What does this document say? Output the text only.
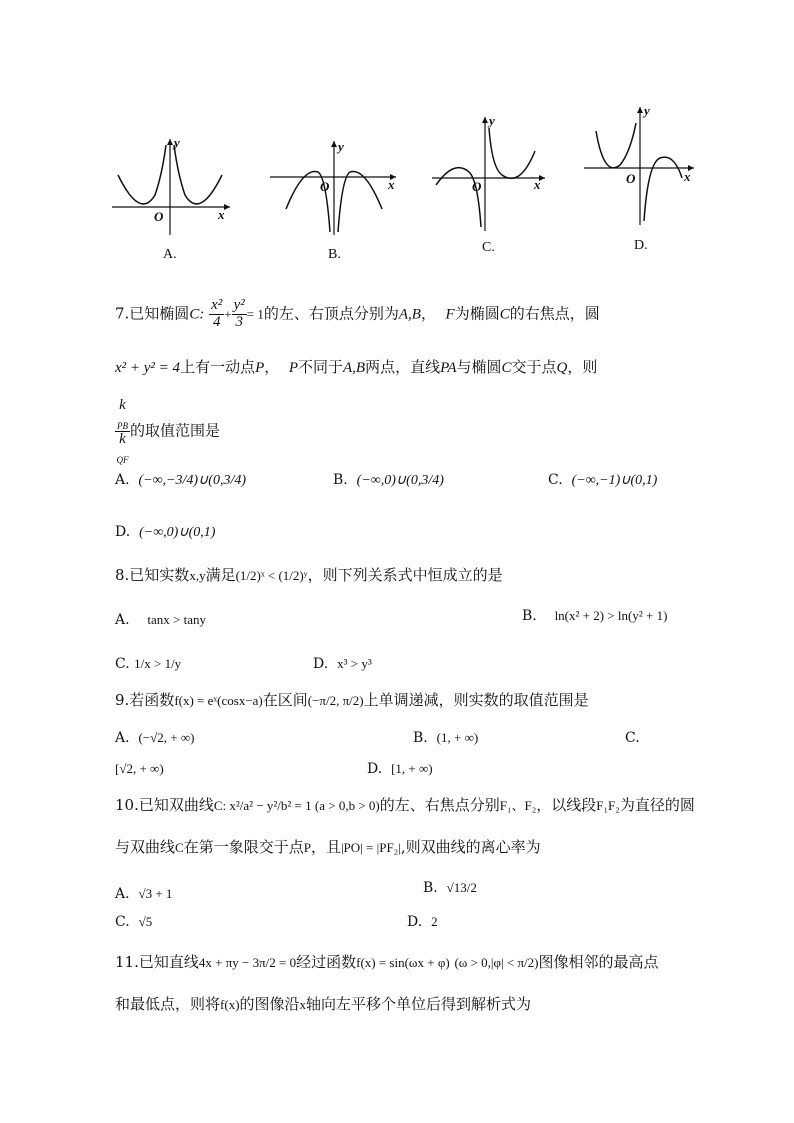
y
x
O
A.
y
x
O
B.
y
x
O
C.
y
x
O
D.
7.已知椭圆C: $\frac{\text{x²}}{4} + \frac{\text{y²}}{3} = 1$的左、右顶点分别为A,B， F为椭圆C的右焦点，圆
x² + y² = 4上有一动点P， P不同于A,B两点，直线PA与椭圆C交于点Q，则
k
$_{PB}$
k
$_{QF}$ 的取值范围是
A. (−∞,−3/4)∪(0,3/4)	B. (−∞,0)∪(0,3/4)	C. (−∞,−1)∪(0,1)
D. (−∞,0)∪(0,1)
8.已知实数x,y满足(1/2)ˣ < (1/2)ʸ，则下列关系式中恒成立的是
A. tanx > tany	B. ln(x² + 2) > ln(y² + 1)
C. 1/x > 1/y	D. x³ > y³
9.若函数f(x) = eˣ(cosx−a)在区间(−π/2, π/2)上单调递减，则实数的取值范围是
A. (−√2, + ∞)	B. (1, + ∞)	C.
[√2, + ∞)	D. [1, + ∞)
10.已知双曲线C: x²/a² − y²/b² = 1 (a > 0,b > 0)的左、右焦点分别F₁、F₂，以线段F₁F₂为直径的圆
与双曲线C在第一象限交于点P，且|PO| = |PF₂|,则双曲线的离心率为
A. √3 + 1	B. √13/2
C. √5	D. 2
11.已知直线4x + πy − 3π/2 = 0经过函数f(x) = sin(ωx + φ) (ω > 0,|φ| < π/2)图像相邻的最高点
和最低点，则将f(x)的图像沿x轴向左平移个单位后得到解析式为
